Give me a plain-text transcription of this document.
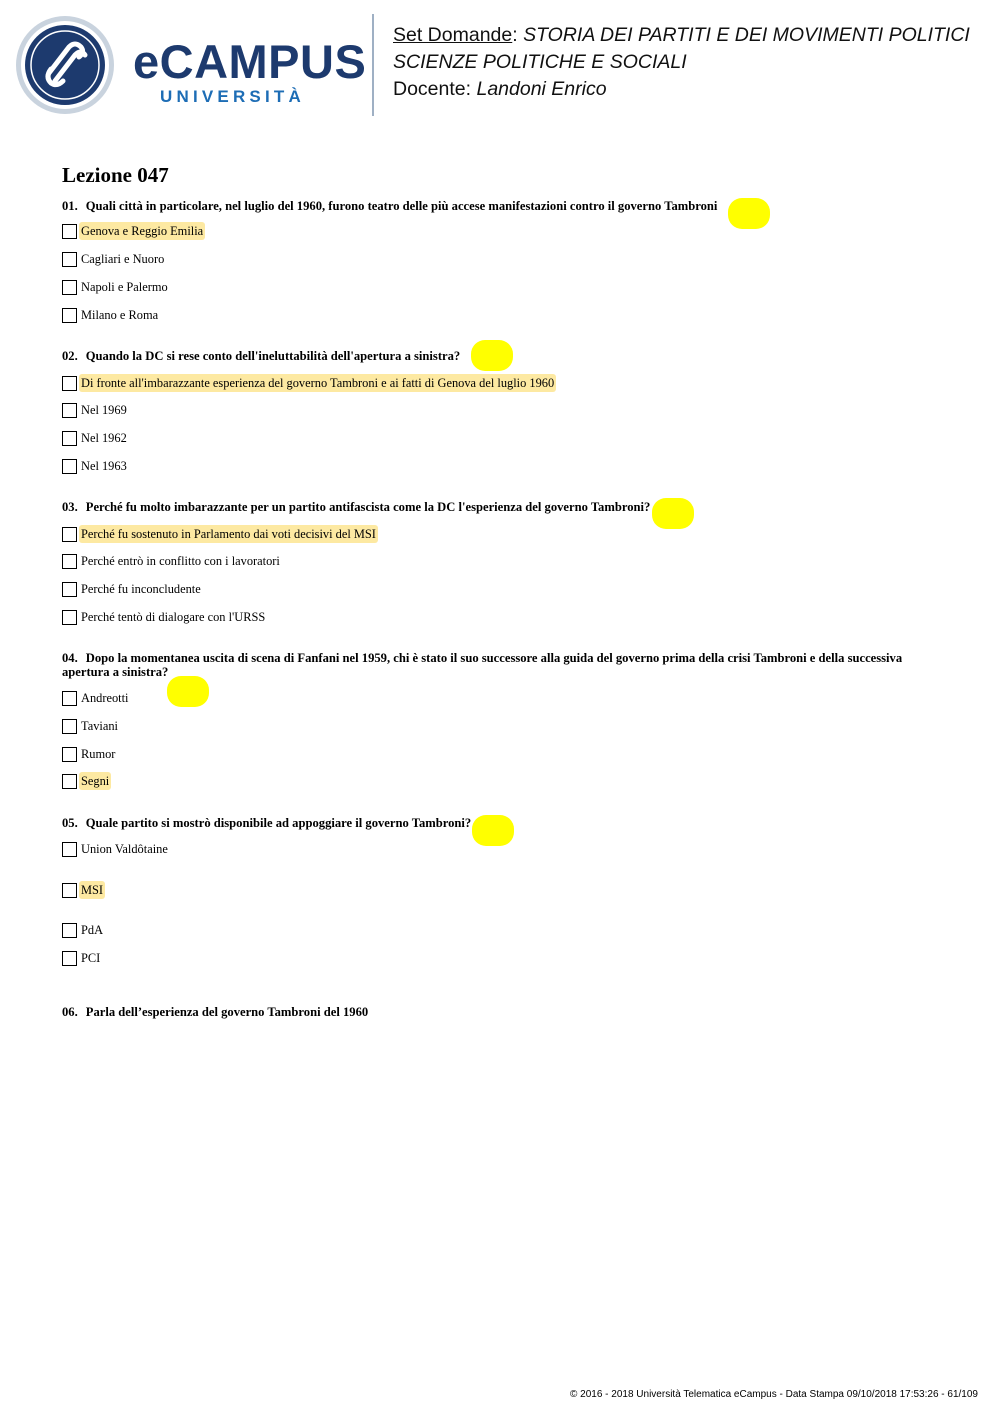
eCAMPUS
UNIVERSITÀ
Set Domande: STORIA DEI PARTITI E DEI MOVIMENTI POLITICI
SCIENZE POLITICHE E SOCIALI
Docente: Landoni Enrico
Lezione 047
01. Quali città in particolare, nel luglio del 1960, furono teatro delle più accese manifestazioni contro il governo Tambroni
Genova e Reggio Emilia
Cagliari e Nuoro
Napoli e Palermo
Milano e Roma
02. Quando la DC si rese conto dell'ineluttabilità dell'apertura a sinistra?
Di fronte all'imbarazzante esperienza del governo Tambroni e ai fatti di Genova del luglio 1960
Nel 1969
Nel 1962
Nel 1963
03. Perché fu molto imbarazzante per un partito antifascista come la DC l'esperienza del governo Tambroni?
Perché fu sostenuto in Parlamento dai voti decisivi del MSI
Perché entrò in conflitto con i lavoratori
Perché fu inconcludente
Perché tentò di dialogare con l'URSS
04. Dopo la momentanea uscita di scena di Fanfani nel 1959, chi è stato il suo successore alla guida del governo prima della crisi Tambroni e della successiva apertura a sinistra?
Andreotti
Taviani
Rumor
Segni
05. Quale partito si mostrò disponibile ad appoggiare il governo Tambroni?
Union Valdôtaine
MSI
PdA
PCI
06. Parla dell’esperienza del governo Tambroni del 1960
© 2016 - 2018 Università Telematica eCampus - Data Stampa 09/10/2018 17:53:26 - 61/109
